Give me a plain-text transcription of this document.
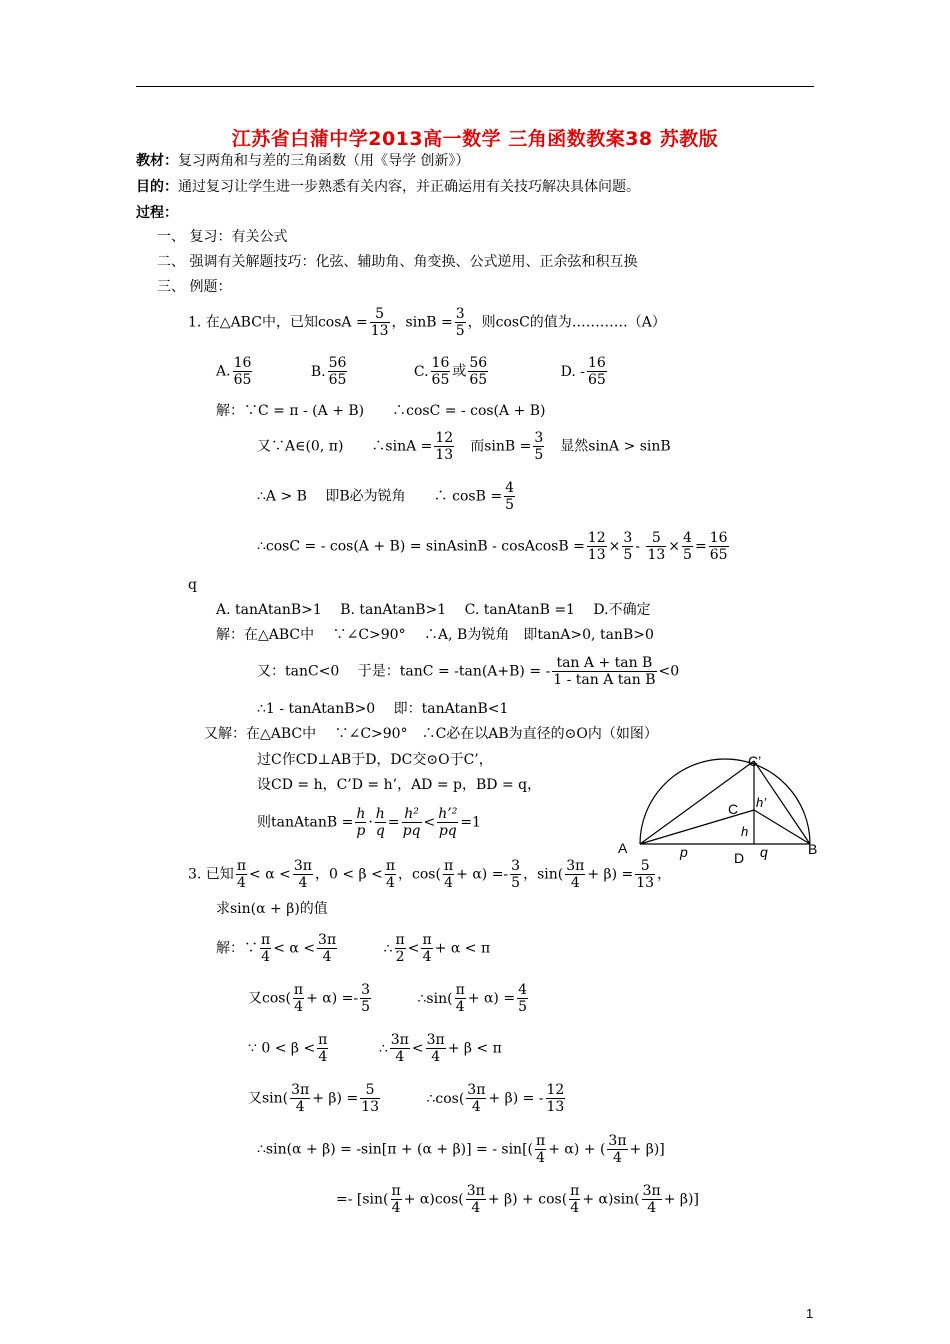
江苏省白蒲中学2013高一数学 三角函数教案38 苏教版
教材：复习两角和与差的三角函数（用《导学 创新》）
目的：通过复习让学生进一步熟悉有关内容，并正确运用有关技巧解决具体问题。
过程：
一、 复习：有关公式
二、 强调有关解题技巧：化弦、辅助角、角变换、公式逆用、正余弦和积互换
三、 例题：
1. 在△ABC中，已知$\cos A = \frac{5}{13}$ ，$\sin B = \frac{3}{5}$ ，则cosC的值为…………（A）
A. $\frac{16}{65}$	B. $\frac{56}{65}$	C. $\frac{16}{65}$ 或 $\frac{56}{65}$	D. - $\frac{16}{65}$
解：∵C = π - (A + B)　　∴cosC = - cos(A + B)
又∵A∈(0, π)　　∴sinA = $\frac{12}{13}$ 　而$\sin B = \frac{3}{5}$ 　显然sinA > sinB
∴A > B　 即B必为锐角　　∴ $\cos B = \frac{4}{5}$
∴cosC = - cos(A + B) = sinAsinB - cosAcosB = $\frac{12}{13} \times \frac{3}{5} - \frac{5}{13} \times \frac{4}{5} = \frac{16}{65}$
q
A. tanAtanB>1　 B. tanAtanB>1　 C. tanAtanB =1　 D.不确定
解：在△ABC中　 ∵∠C>90°　 ∴A, B为锐角　即tanA>0, tanB>0
又：tanC<0　 于是：tanC = -tan(A+B) = - $\frac{\text{tan A + tan B}}{\text{1 - tan A tan B}} <0$
∴1 - tanAtanB>0　 即：tanAtanB<1
又解：在△ABC中　 ∵∠C>90°　∴C必在以AB为直径的⊙O内（如图）
过C作CD⊥AB于D，DC交⊙O于C’，
设CD = h，C’D = h’，AD = p，BD = q，
则tanAtanB = $\frac{h}{p} \cdot \frac{h}{q} = \frac{\text{h²}}{pq} < \frac{\text{h’²}}{pq} =1$
C’
C h’
h
A	B
D
p	q
3. 已知 $\frac{\pi}{4} < \alpha < \frac{3\pi}{4}$ ，$0 < \beta < \frac{\pi}{4}$ ，$\cos( \frac{\pi}{4} + \alpha) =- \frac{3}{5}$ ，$\sin( \frac{3\pi}{4} + \beta) = \frac{5}{13}$ ，
求sin(α + β)的值
解：∵ $\frac{\pi}{4} < \alpha < \frac{3\pi}{4}$	∴ $\frac{\pi}{2} < \frac{\pi}{4} + \alpha < \pi$
又$\cos( \frac{\pi}{4} + \alpha) =- \frac{3}{5}$	∴sin( $\frac{\pi}{4} + \alpha) = \frac{4}{5}$
∵ $0 < \beta < \frac{\pi}{4}$	∴ $\frac{3\pi}{4} < \frac{3\pi}{4} + \beta < \pi$
又$\sin( \frac{3\pi}{4} + \beta) = \frac{5}{13}$	∴cos( $\frac{3\pi}{4} + \beta$) = - $\frac{12}{13}$
∴sin(α + β) = -sin[π + (α + β)] = - $\sin[( \frac{\pi}{4} + \alpha)$ + ( $\frac{3\pi}{4} + \beta$)]
=- $[\sin( \frac{\pi}{4} + \alpha)\cos( \frac{3\pi}{4} + \beta) + \cos( \frac{\pi}{4} + \alpha)\sin( \frac{3\pi}{4} + \beta)]$
1
